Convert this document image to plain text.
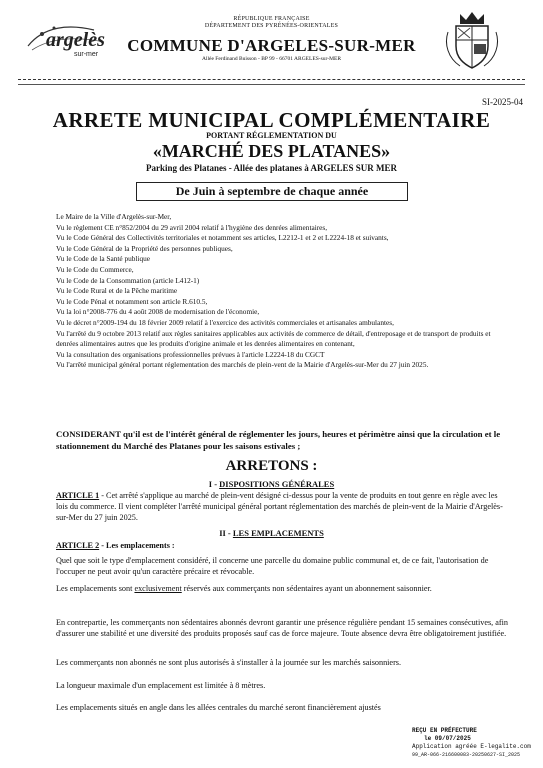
argelès
sur-mer
RÉPUBLIQUE FRANÇAISE
DÉPARTEMENT DES PYRÉNÉES-ORIENTALES
COMMUNE D'ARGELES-SUR-MER
Allée Ferdinand Buisson - BP 99 - 66701 ARGELES-sur-MER
SI-2025-04
ARRETE MUNICIPAL COMPLÉMENTAIRE
PORTANT RÉGLEMENTATION DU
«MARCHÉ DES PLATANES»
Parking des Platanes - Allée des platanes à ARGELES SUR MER
De Juin à septembre de chaque année

Le Maire de la Ville d'Argelès-sur-Mer,

Vu le règlement CE n°852/2004 du 29 avril 2004 relatif à l'hygiène des denrées alimentaires,

Vu le Code Général des Collectivités territoriales et notamment ses articles, L2212-1 et 2 et L2224-18 et suivants,

Vu le Code Général de la Propriété des personnes publiques,

Vu le Code de la Santé publique

Vu le Code du Commerce,

Vu le Code de la Consommation (article L412-1)

Vu le Code Rural et de la Pêche maritime

Vu le Code Pénal et notamment son article R.610.5,

Vu la loi n°2008-776 du 4 août 2008 de modernisation de l'économie,

Vu le décret n°2009-194 du 18 février 2009 relatif à l'exercice des activités commerciales et artisanales ambulantes,

Vu l'arrêté du 9 octobre 2013 relatif aux règles sanitaires applicables aux activités de commerce de détail, d'entreposage et de transport de produits et denrées alimentaires autres que les produits d'origine animale et les denrées alimentaires en contenant,

Vu la consultation des organisations professionnelles prévues à l'article L2224-18 du CGCT

Vu l'arrêté municipal général portant réglementation des marchés de plein-vent de la Mairie d'Argelès-sur-Mer du 27 juin 2025.

CONSIDERANT qu'il est de l'intérêt général de réglementer les jours, heures et périmètre ainsi que la circulation et le stationnement du Marché des Platanes pour les saisons estivales ;
ARRETONS :
I - DISPOSITIONS GÉNÉRALES

ARTICLE 1 - Cet arrêté s'applique au marché de plein-vent désigné ci-dessus pour la vente de produits en tout genre en règle avec les lois du commerce. Il vient compléter l'arrêté municipal général portant réglementation des marchés de plein-vent de la Mairie d'Argelès-sur-Mer du 27 juin 2025.

II - LES EMPLACEMENTS

ARTICLE 2 - Les emplacements :

Quel que soit le type d'emplacement considéré, il concerne une parcelle du domaine public communal et, de ce fait, l'autorisation de l'occuper ne peut avoir qu'un caractère précaire et révocable.

Les emplacements sont exclusivement réservés aux commerçants non sédentaires ayant un abonnement saisonnier.

En contrepartie, les commerçants non sédentaires abonnés devront garantir une présence régulière pendant 15 semaines consécutives, afin d'assurer une stabilité et une diversité des produits proposés sauf cas de force majeure. Toute absence devra être obligatoirement justifiée.
Les commerçants non abonnés ne sont plus autorisés à s'installer à la journée sur les marchés saisonniers.
La longueur maximale d'un emplacement est limitée à 8 mètres.
Les emplacements situés en angle dans les allées centrales du marché seront financièrement ajustés
REÇU EN PRÉFECTURE
le 09/07/2025
Application agréée E-legalite.com
99_AR-066-216600083-20250627-SI_2025
